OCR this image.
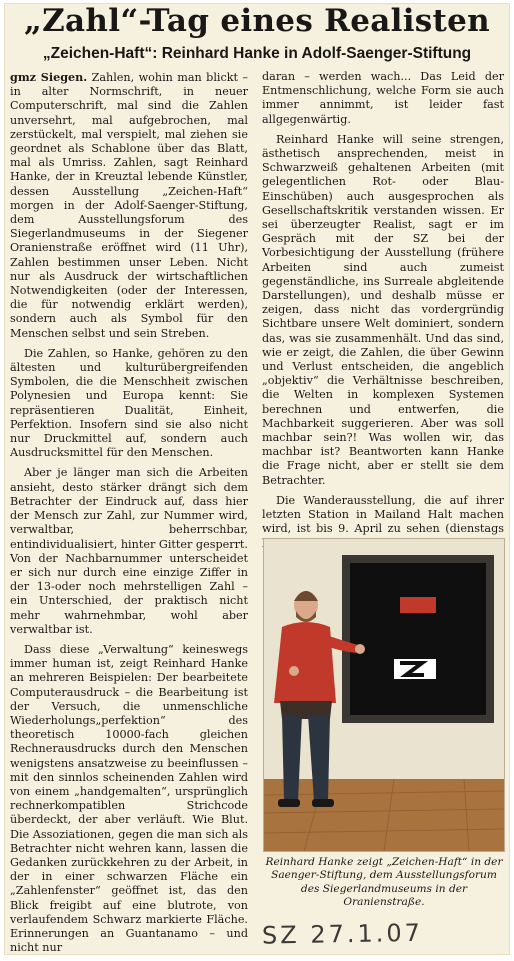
„Zahl“-Tag eines Realisten
„Zeichen-Haft“: Reinhard Hanke in Adolf-Saenger-Stiftung

gmz Siegen. Zahlen, wohin man blickt – in alter Normschrift, in neuer Computerschrift, mal sind die Zahlen unversehrt, mal aufgebrochen, mal zerstückelt, mal verspielt, mal ziehen sie geordnet als Schablone über das Blatt, mal als Umriss. Zahlen, sagt Reinhard Hanke, der in Kreuztal lebende Künstler, dessen Ausstellung „Zeichen-Haft“ morgen in der Adolf-Saenger-Stiftung, dem Ausstellungsforum des Siegerlandmuseums in der Siegener Oranienstraße eröffnet wird (11 Uhr), Zahlen bestimmen unser Leben. Nicht nur als Ausdruck der wirtschaftlichen Notwendigkeiten (oder der Interessen, die für notwendig erklärt werden), sondern auch als Symbol für den Menschen selbst und sein Streben.

Die Zahlen, so Hanke, gehören zu den ältesten und kulturübergreifenden Symbolen, die die Menschheit zwischen Polynesien und Europa kennt: Sie repräsentieren Dualität, Einheit, Perfektion. Insofern sind sie also nicht nur Druckmittel auf, sondern auch Ausdrucksmittel für den Menschen.

Aber je länger man sich die Arbeiten ansieht, desto stärker drängt sich dem Betrachter der Eindruck auf, dass hier der Mensch zur Zahl, zur Nummer wird, verwaltbar, beherrschbar, entindividualisiert, hinter Gitter gesperrt. Von der Nachbarnummer unterscheidet er sich nur durch eine einzige Ziffer in der 13-oder noch mehrstelligen Zahl – ein Unterschied, der praktisch nicht mehr wahrnehmbar, wohl aber verwaltbar ist.

Dass diese „Verwaltung“ keineswegs immer human ist, zeigt Reinhard Hanke an mehreren Beispielen: Der bearbeitete Computerausdruck – die Bearbeitung ist der Versuch, die unmenschliche Wiederholungs„perfektion“ des theoretisch 10000-fach gleichen Rechnerausdrucks durch den Menschen wenigstens ansatzweise zu beeinflussen – mit den sinnlos scheinenden Zahlen wird von einem „handgemalten“, ursprünglich rechnerkompatiblen Strichcode überdeckt, der aber verläuft. Wie Blut. Die Assoziationen, gegen die man sich als Betrachter nicht wehren kann, lassen die Gedanken zurückkehren zu der Arbeit, in der in einer schwarzen Fläche ein „Zahlenfenster“ geöffnet ist, das den Blick freigibt auf eine blutrote, von verlaufendem Schwarz markierte Fläche. Erinnerungen an Guantanamo – und nicht nur

daran – werden wach... Das Leid der Entmenschlichung, welche Form sie auch immer annimmt, ist leider fast allgegenwärtig.

Reinhard Hanke will seine strengen, ästhetisch ansprechenden, meist in Schwarzweiß gehaltenen Arbeiten (mit gelegentlichen Rot- oder Blau-Einschüben) auch ausgesprochen als Gesellschaftskritik verstanden wissen. Er sei überzeugter Realist, sagt er im Gespräch mit der SZ bei der Vorbesichtigung der Ausstellung (frühere Arbeiten sind auch zumeist gegenständliche, ins Surreale abgleitende Darstellungen), und deshalb müsse er zeigen, dass nicht das vordergründig Sichtbare unsere Welt dominiert, sondern das, was sie zusammenhält. Und das sind, wie er zeigt, die Zahlen, die über Gewinn und Verlust entscheiden, die angeblich „objektiv“ die Verhältnisse beschreiben, die Welten in komplexen Systemen berechnen und entwerfen, die Machbarkeit suggerieren. Aber was soll machbar sein?! Was wollen wir, das machbar ist? Beantworten kann Hanke die Frage nicht, aber er stellt sie dem Betrachter.

Die Wanderausstellung, die auf ihrer letzten Station in Mailand Halt machen wird, ist bis 9. April zu sehen (dienstags

Reinhard Hanke zeigt „Zeichen-Haft“ in der Saenger-Stiftung, dem Ausstellungsforum des Siegerlandmuseums in der Oranienstraße.
SZ 27.1.07
